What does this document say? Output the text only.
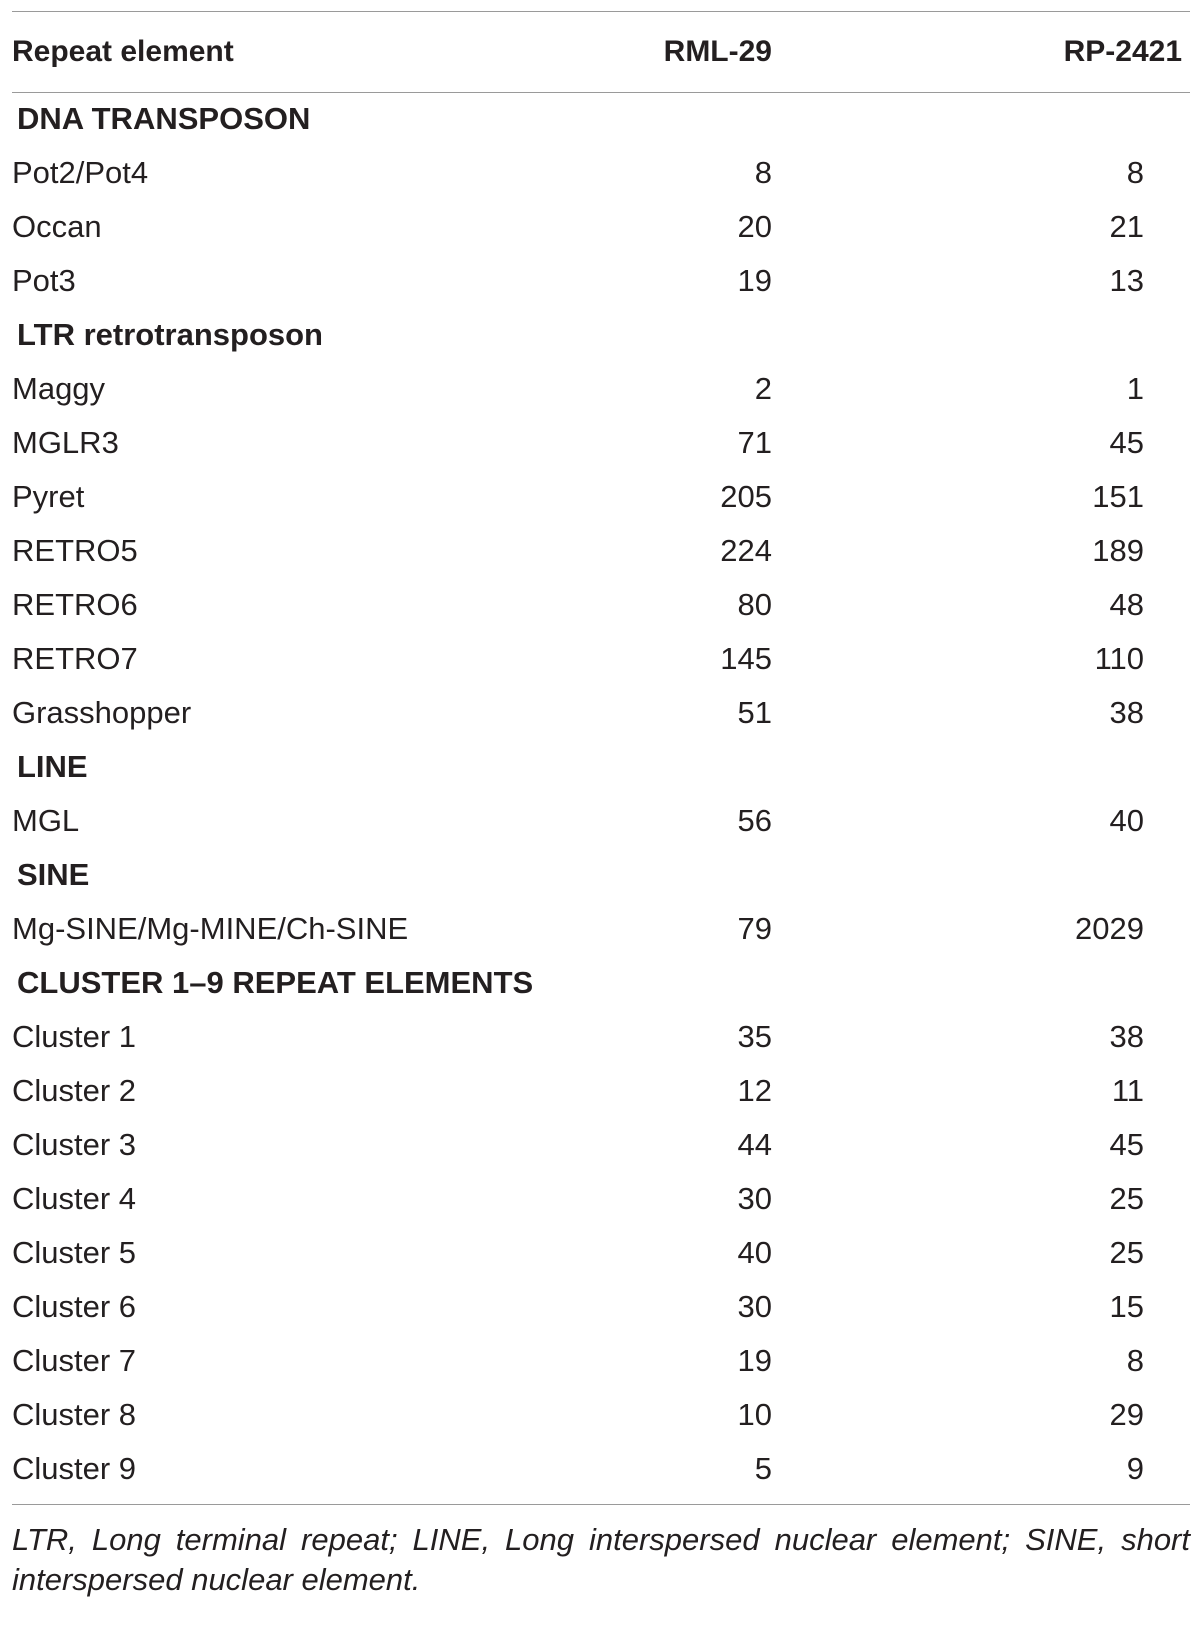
Repeat element	RML-29	RP-2421

DNA TRANSPOSON		
Pot2/Pot4	8	8
Occan	20	21
Pot3	19	13
LTR retrotransposon		
Maggy	2	1
MGLR3	71	45
Pyret	205	151
RETRO5	224	189
RETRO6	80	48
RETRO7	145	110
Grasshopper	51	38
LINE		
MGL	56	40
SINE		
Mg-SINE/Mg-MINE/Ch-SINE	79	2029
CLUSTER 1–9 REPEAT ELEMENTS		
Cluster 1	35	38
Cluster 2	12	11
Cluster 3	44	45
Cluster 4	30	25
Cluster 5	40	25
Cluster 6	30	15
Cluster 7	19	8
Cluster 8	10	29
Cluster 9	5	9
LTR, Long terminal repeat; LINE, Long interspersed nuclear element; SINE, short interspersed nuclear element.
